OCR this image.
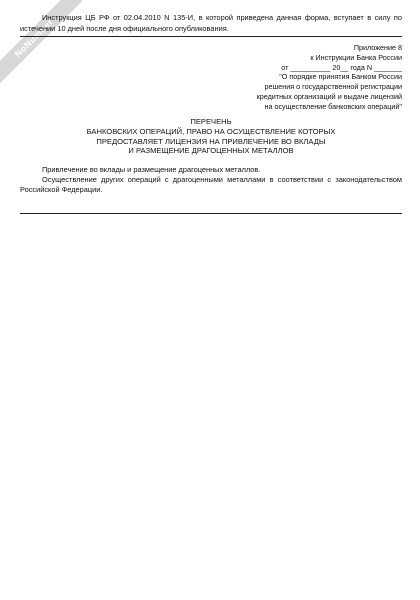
NoNumber

Инструкция ЦБ РФ от 02.04.2010 N 135-И, в которой приведена данная форма, вступает в силу по истечении 10 дней после дня официального опубликования.

Приложение 8
к Инструкции Банка России
от __________ 20__ года N _______
"О порядке принятия Банком России
решения о государственной регистрации
кредитных организаций и выдаче лицензий
на осуществление банковских операций"
ПЕРЕЧЕНЬ
БАНКОВСКИХ ОПЕРАЦИЙ, ПРАВО НА ОСУЩЕСТВЛЕНИЕ КОТОРЫХ
ПРЕДОСТАВЛЯЕТ ЛИЦЕНЗИЯ НА ПРИВЛЕЧЕНИЕ ВО ВКЛАДЫ
И РАЗМЕЩЕНИЕ ДРАГОЦЕННЫХ МЕТАЛЛОВ

Привлечение во вклады и размещение драгоценных металлов.

Осуществление других операций с драгоценными металлами в соответствии с законодательством Российской Федерации.
